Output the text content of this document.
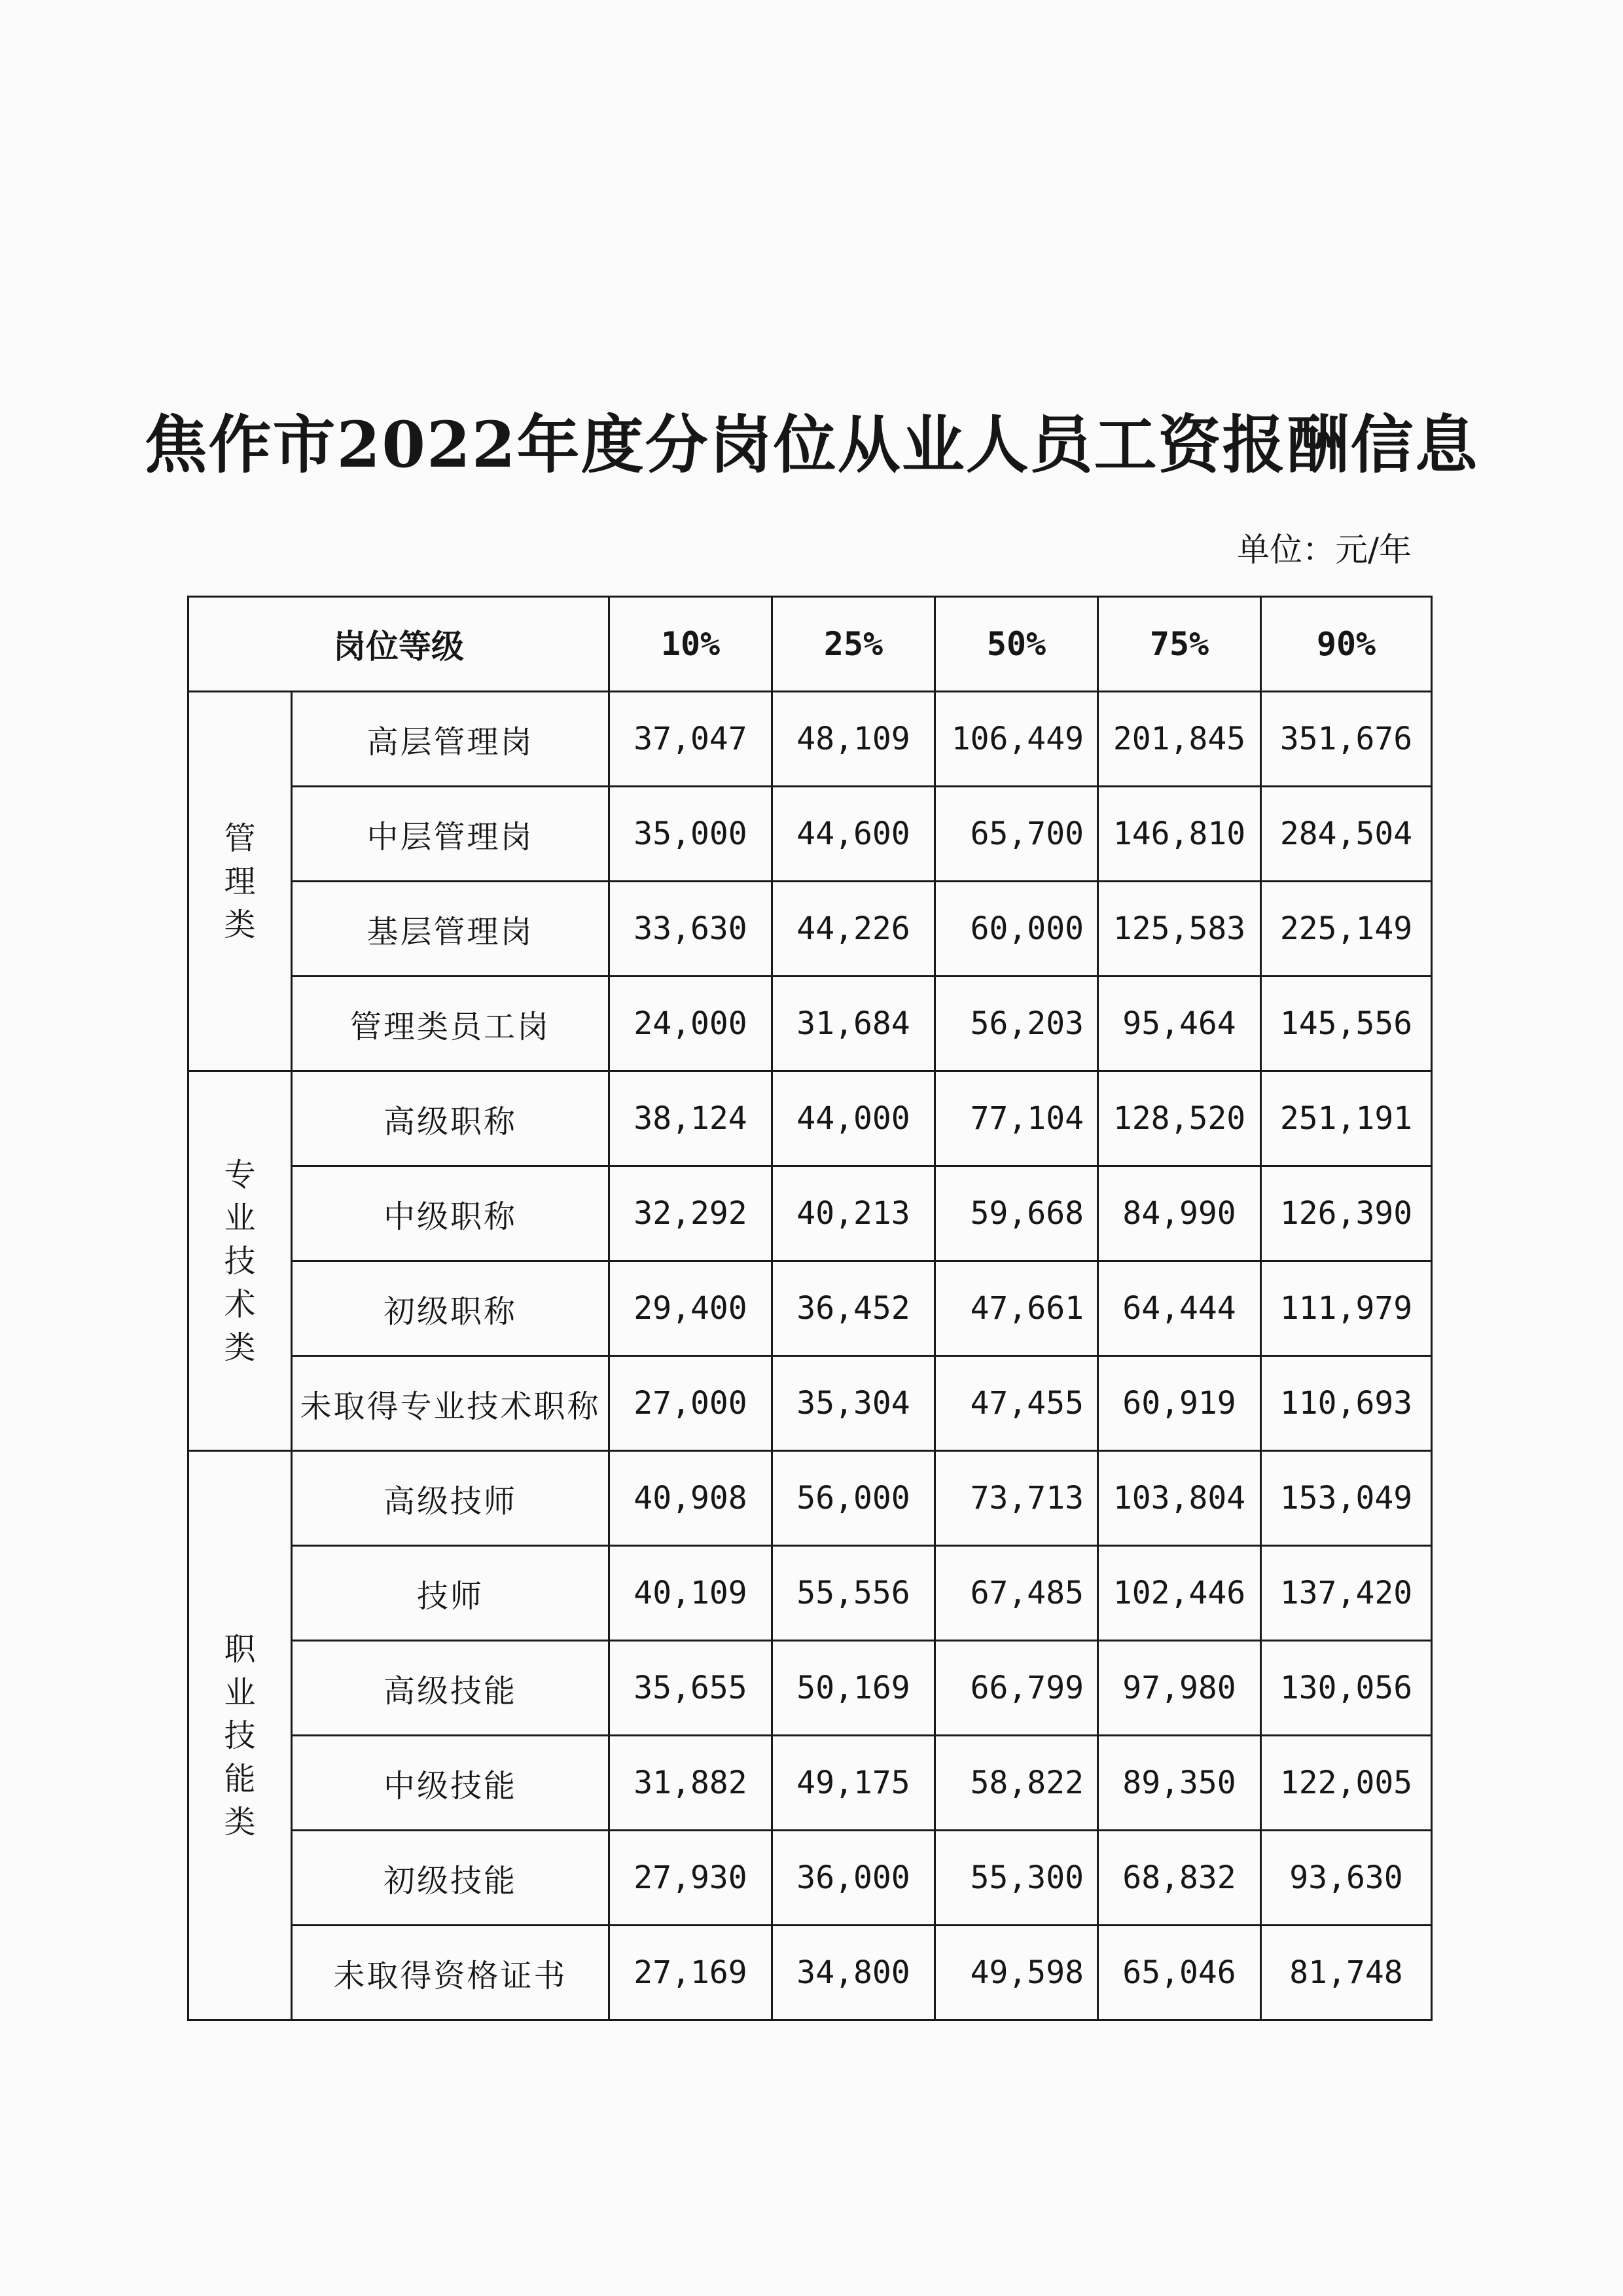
焦作市2022年度分岗位从业人员工资报酬信息
单位：元/年
岗位等级		10%	25%	50%	75%	90%

管
理
类	高层管理岗	37,047	48,109	106,449	201,845	351,676
	中层管理岗	35,000	44,600	65,700	146,810	284,504
	基层管理岗	33,630	44,226	60,000	125,583	225,149
	管理类员工岗	24,000	31,684	56,203	95,464	145,556

专
业
技
术
类	高级职称	38,124	44,000	77,104	128,520	251,191
	中级职称	32,292	40,213	59,668	84,990	126,390
	初级职称	29,400	36,452	47,661	64,444	111,979
	未取得专业技术职称	27,000	35,304	47,455	60,919	110,693

职
业
技
能
类	高级技师	40,908	56,000	73,713	103,804	153,049
	技师	40,109	55,556	67,485	102,446	137,420
	高级技能	35,655	50,169	66,799	97,980	130,056
	中级技能	31,882	49,175	58,822	89,350	122,005
	初级技能	27,930	36,000	55,300	68,832	93,630
	未取得资格证书	27,169	34,800	49,598	65,046	81,748
